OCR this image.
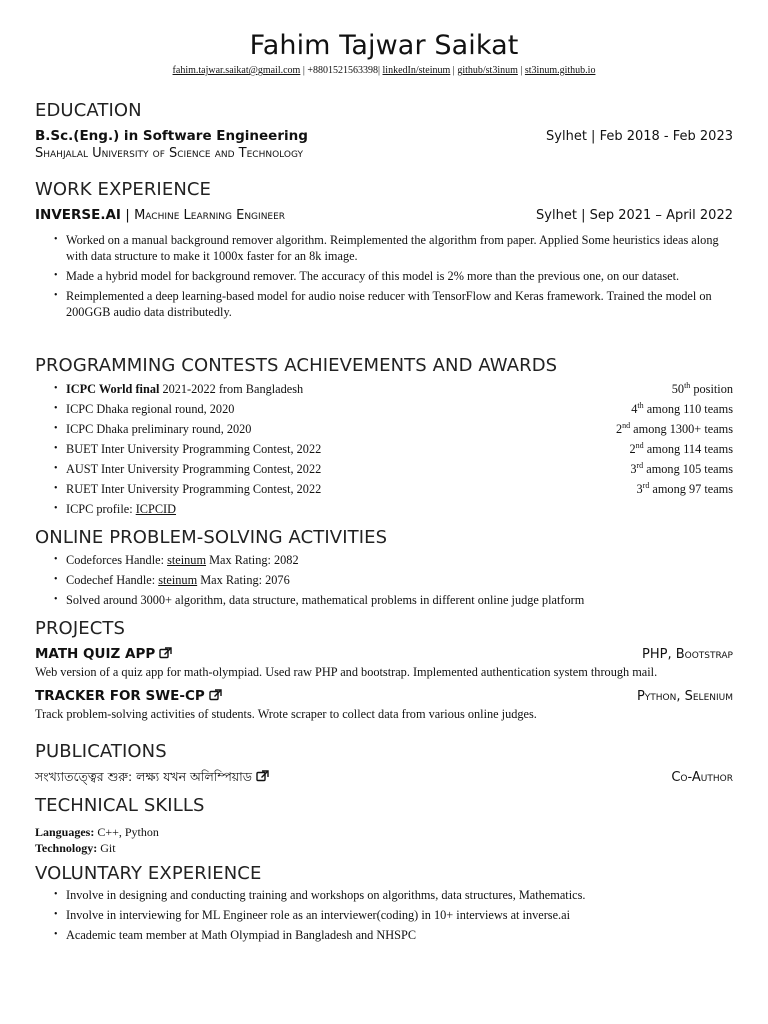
Fahim Tajwar Saikat
fahim.tajwar.saikat@gmail.com | +8801521563398| linkedIn/steinum | github/st3inum | st3inum.github.io
EDUCATION
B.Sc.(Eng.) in Software Engineering	Sylhet | Feb 2018 - Feb 2023
Shahjalal University of Science and Technology
WORK EXPERIENCE
INVERSE.AI | Machine Learning Engineer	Sylhet | Sep 2021 – April 2022
• Worked on a manual background remover algorithm. Reimplemented the algorithm from paper. Applied Some heuristics ideas along with data structure to make it 1000x faster for an 8k image.
• Made a hybrid model for background remover. The accuracy of this model is 2% more than the previous one, on our dataset.
• Reimplemented a deep learning-based model for audio noise reducer with TensorFlow and Keras framework. Trained the model on 200GGB audio data distributedly.
PROGRAMMING CONTESTS ACHIEVEMENTS AND AWARDS
• ICPC World final 2021-2022 from Bangladesh	50th position
• ICPC Dhaka regional round, 2020	4th among 110 teams
• ICPC Dhaka preliminary round, 2020	2nd among 1300+ teams
• BUET Inter University Programming Contest, 2022	2nd among 114 teams
• AUST Inter University Programming Contest, 2022	3rd among 105 teams
• RUET Inter University Programming Contest, 2022	3rd among 97 teams
• ICPC profile: ICPCID
ONLINE PROBLEM-SOLVING ACTIVITIES
• Codeforces Handle: steinum Max Rating: 2082
• Codechef Handle: steinum Max Rating: 2076
• Solved around 3000+ algorithm, data structure, mathematical problems in different online judge platform
PROJECTS
MATH QUIZ APP	PHP, Bootstrap
Web version of a quiz app for math-olympiad. Used raw PHP and bootstrap. Implemented authentication system through mail.
TRACKER FOR SWE-CP	Python, Selenium
Track problem-solving activities of students. Wrote scraper to collect data from various online judges.
PUBLICATIONS
সংখ্যাতত্ত্বের শুরু: লক্ষ্য যখন অলিম্পিয়াড	Co-Author
TECHNICAL SKILLS
Languages: C++, Python
Technology: Git
VOLUNTARY EXPERIENCE
• Involve in designing and conducting training and workshops on algorithms, data structures, Mathematics.
• Involve in interviewing for ML Engineer role as an interviewer(coding) in 10+ interviews at inverse.ai
• Academic team member at Math Olympiad in Bangladesh and NHSPC
